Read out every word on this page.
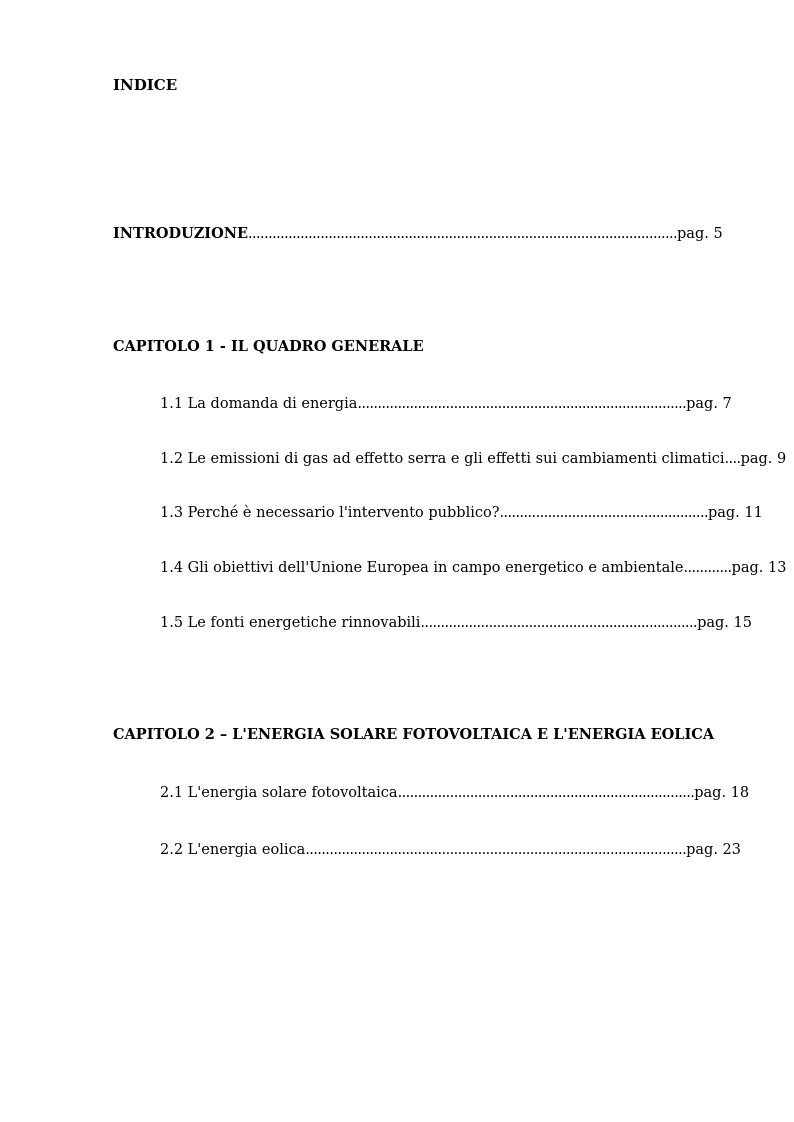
INDICE
INTRODUZIONE...........................................................................................................pag. 5
CAPITOLO 1 - IL QUADRO GENERALE
1.1 La domanda di energia..................................................................................pag. 7
1.2 Le emissioni di gas ad effetto serra e gli effetti sui cambiamenti climatici....pag. 9
1.3 Perché è necessario l'intervento pubblico?....................................................pag. 11
1.4 Gli obiettivi dell'Unione Europea in campo energetico e ambientale............pag. 13
1.5 Le fonti energetiche rinnovabili.....................................................................pag. 15
CAPITOLO 2 – L'ENERGIA SOLARE FOTOVOLTAICA E L'ENERGIA EOLICA
2.1 L'energia solare fotovoltaica..........................................................................pag. 18
2.2 L'energia eolica...............................................................................................pag. 23
